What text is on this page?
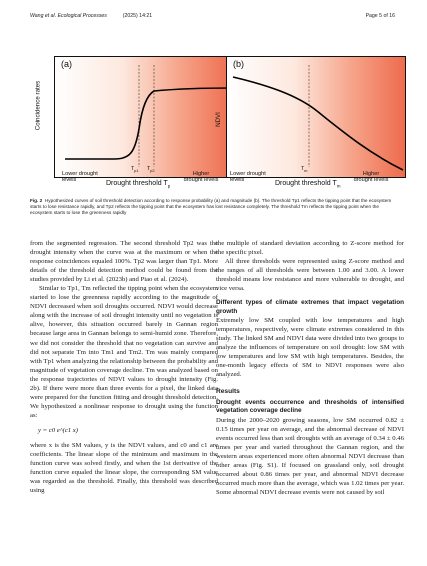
Wang et al. Ecological Processes	(2025) 14:21	Page 5 of 16
(a)
Coincidence rates
$T_{p1}$ $T_{p2}$
Lower drought levels
Higher drought levels
Drought threshold $T_p$
(b)
NDVI
$T_m$
Lower drought levels
Higher drought levels
Drought threshold $T_m$
Fig. 2 Hypothesized curves of soil threshold detection according to response probability (a) and magnitude (b). The threshold Tp1 reflects the tipping point that the ecosystem starts to lose resistance rapidly, and Tp2 reflects the tipping point that the ecosystem has lost resistance completely. The threshold Tm reflects the tipping point when the ecosystem starts to lose the greenness rapidly

from the segmented regression. The second threshold Tp2 was the drought intensity when the curve was at the maximum or when the response coincidences equaled 100%. Tp2 was larger than Tp1. More details of the threshold detection method could be found from the studies provided by Li et al. (2023b) and Piao et al. (2024).

Similar to Tp1, Tm reflected the tipping point when the ecosystem started to lose the greenness rapidly according to the magnitude of NDVI decreased when soil droughts occurred. NDVI would decrease along with the increase of soil drought intensity until no vegetation is alive, however, this situation occurred barely in Gannan region because large area in Gannan belongs to semi-humid zone. Therefore, we did not consider the threshold that no vegetation can survive and did not separate Tm into Tm1 and Tm2. Tm was mainly compared with Tp1 when analyzing the relationship between the probability and magnitude of vegetation coverage decline. Tm was analyzed based on the response trajectories of NDVI values to drought intensity (Fig. 2b). If there were more than three events for a pixel, the linked data were prepared for the function fitting and drought threshold detection. We hypothesized a nonlinear response to drought using the function as:

y = c0 e^(c1 x)

where x is the SM values, y is the NDVI values, and c0 and c1 are coefficients. The linear slope of the minimum and maximum in the function curve was solved firstly, and when the 1st derivative of the function curve equaled the linear slope, the corresponding SM value was regarded as the threshold. Finally, this threshold was described using

the multiple of standard deviation according to Z-score method for the specific pixel.

All three thresholds were represented using Z-score method and the ranges of all thresholds were between 1.00 and 3.00. A lower threshold means low resistance and more vulnerable to drought, and vice versa.

Different types of climate extremes that impact vegetation growth

Extremely low SM coupled with low temperatures and high temperatures, respectively, were climate extremes considered in this study. The linked SM and NDVI data were divided into two groups to analyze the influences of temperature on soil drought: low SM with low temperatures and low SM with high temperatures. Besides, the one-month legacy effects of SM to NDVI responses were also analyzed.

Results
Drought events occurrence and thresholds of intensified vegetation coverage decline

During the 2000–2020 growing seasons, low SM occurred 0.82 ± 0.15 times per year on average, and the abnormal decrease of NDVI events occurred less than soil droughts with an average of 0.34 ± 0.46 times per year and varied throughout the Gannan region, and the western areas experienced more often abnormal NDVI decrease than other areas (Fig. S1). If focused on grassland only, soil drought occurred about 0.86 times per year, and abnormal NDVI decrease occurred much more than the average, which was 1.02 times per year. Some abnormal NDVI decrease events were not caused by soil
